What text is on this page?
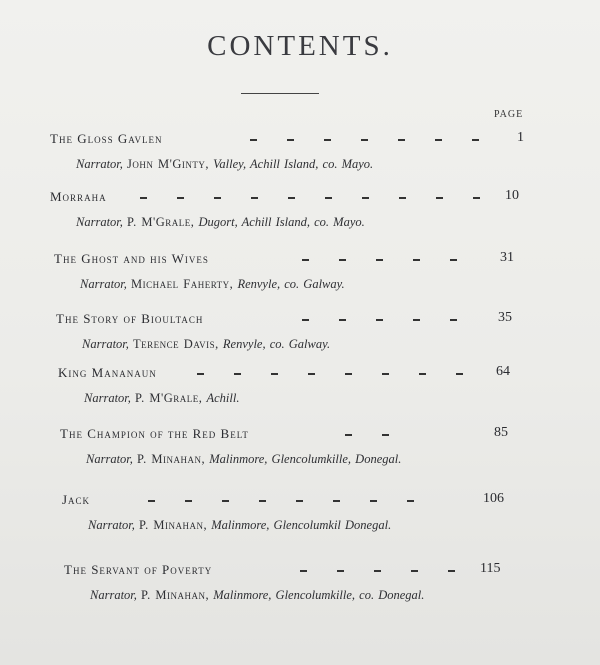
CONTENTS.
PAGE
The Gloss Gavlen	1
Narrator, John M'Ginty, Valley, Achill Island, co. Mayo.
Morraha	10
Narrator, P. M'Grale, Dugort, Achill Island, co. Mayo.
The Ghost and his Wives	31
Narrator, Michael Faherty, Renvyle, co. Galway.
The Story of Bioultach	35
Narrator, Terence Davis, Renvyle, co. Galway.
King Mananaun	64
Narrator, P. M'Grale, Achill.
The Champion of the Red Belt	85
Narrator, P. Minahan, Malinmore, Glencolumkille, Donegal.
Jack	106
Narrator, P. Minahan, Malinmore, Glencolumkil Donegal.
The Servant of Poverty	115
Narrator, P. Minahan, Malinmore, Glencolumkille, co. Donegal.
